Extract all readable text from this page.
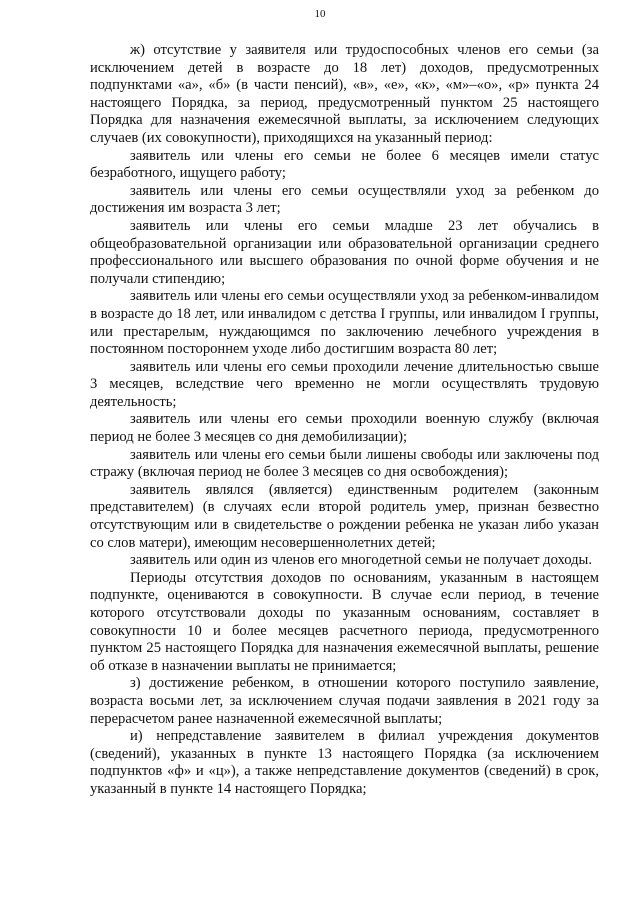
10

ж) отсутствие у заявителя или трудоспособных членов его семьи (за исключением детей в возрасте до 18 лет) доходов, предусмотренных подпунктами «а», «б» (в части пенсий), «в», «е», «к», «м»–«о», «р» пункта 24 настоящего Порядка, за период, предусмотренный пунктом 25 настоящего Порядка для назначения ежемесячной выплаты, за исключением следующих случаев (их совокупности), приходящихся на указанный период:

заявитель или члены его семьи не более 6 месяцев имели статус безработного, ищущего работу;

заявитель или члены его семьи осуществляли уход за ребенком до достижения им возраста 3 лет;

заявитель или члены его семьи младше 23 лет обучались в общеобразовательной организации или образовательной организации среднего профессионального или высшего образования по очной форме обучения и не получали стипендию;

заявитель или члены его семьи осуществляли уход за ребенком-инвалидом в возрасте до 18 лет, или инвалидом с детства I группы, или инвалидом I группы, или престарелым, нуждающимся по заключению лечебного учреждения в постоянном постороннем уходе либо достигшим возраста 80 лет;

заявитель или члены его семьи проходили лечение длительностью свыше 3 месяцев, вследствие чего временно не могли осуществлять трудовую деятельность;

заявитель или члены его семьи проходили военную службу (включая период не более 3 месяцев со дня демобилизации);

заявитель или члены его семьи были лишены свободы или заключены под стражу (включая период не более 3 месяцев со дня освобождения);

заявитель являлся (является) единственным родителем (законным представителем) (в случаях если второй родитель умер, признан безвестно отсутствующим или в свидетельстве о рождении ребенка не указан либо указан со слов матери), имеющим несовершеннолетних детей;

заявитель или один из членов его многодетной семьи не получает доходы.

Периоды отсутствия доходов по основаниям, указанным в настоящем подпункте, оцениваются в совокупности. В случае если период, в течение которого отсутствовали доходы по указанным основаниям, составляет в совокупности 10 и более месяцев расчетного периода, предусмотренного пунктом 25 настоящего Порядка для назначения ежемесячной выплаты, решение об отказе в назначении выплаты не принимается;

з) достижение ребенком, в отношении которого поступило заявление, возраста восьми лет, за исключением случая подачи заявления в 2021 году за перерасчетом ранее назначенной ежемесячной выплаты;

и) непредставление заявителем в филиал учреждения документов (сведений), указанных в пункте 13 настоящего Порядка (за исключением подпунктов «ф» и «ц»), а также непредставление документов (сведений) в срок, указанный в пункте 14 настоящего Порядка;
